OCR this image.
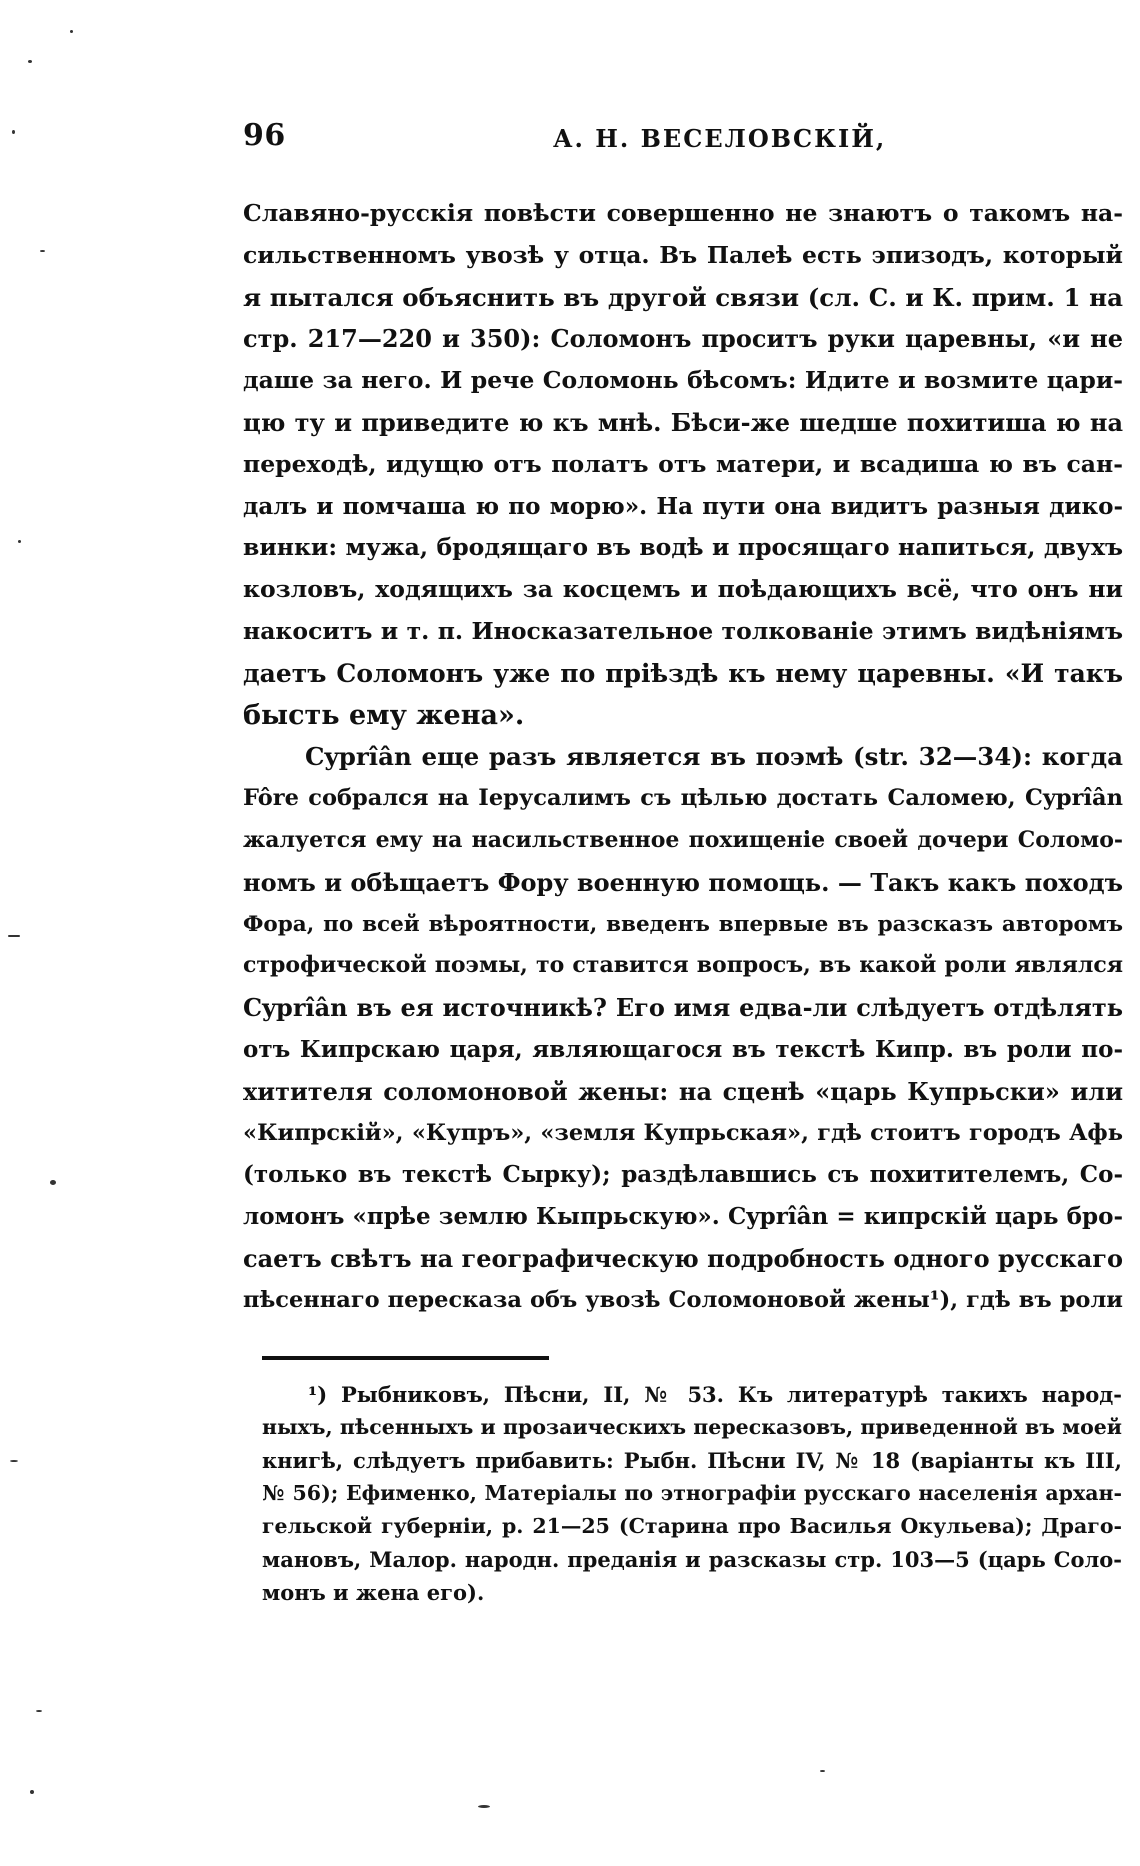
96	А. Н. ВЕСЕЛОВСКІЙ,
Славяно-русскія повѣсти совершенно не знаютъ о такомъ на-
сильственномъ увозѣ у отца. Въ Палеѣ есть эпизодъ, который
я пытался объяснить въ другой связи (сл. С. и К. прим. 1 на
стр. 217—220 и 350): Соломонъ проситъ руки царевны, «и не
даше за него. И рече Соломонь бѣсомъ: Идите и возмите цари-
цю ту и приведите ю къ мнѣ. Бѣси-же шедше похитиша ю на
переходѣ, идущю отъ полатъ отъ матери, и всадиша ю въ сан-
далъ и помчаша ю по морю». На пути она видитъ разныя дико-
винки: мужа, бродящаго въ водѣ и просящаго напиться, двухъ
козловъ, ходящихъ за косцемъ и поѣдающихъ всё, что онъ ни
накоситъ и т. п. Иносказательное толкованіе этимъ видѣніямъ
даетъ Соломонъ уже по пріѣздѣ къ нему царевны. «И такъ
бысть ему жена».
Cyprîân еще разъ является въ поэмѣ (str. 32—34): когда
Fôre собрался на Іерусалимъ съ цѣлью достать Саломею, Cyprîân
жалуется ему на насильственное похищеніе своей дочери Соломо-
номъ и обѣщаетъ Фору военную помощь. — Такъ какъ походъ
Фора, по всей вѣроятности, введенъ впервые въ разсказъ авторомъ
строфической поэмы, то ставится вопросъ, въ какой роли являлся
Cyprîân въ ея источникѣ? Его имя едва-ли слѣдуетъ отдѣлять
отъ Кипрскаю царя, являющагося въ текстѣ Кипр. въ роли по-
хитителя соломоновой жены: на сценѣ «царь Купрьски» или
«Кипрскій», «Купръ», «земля Купрьская», гдѣ стоитъ городъ Афь
(только въ текстѣ Сырку); раздѣлавшись съ похитителемъ, Со-
ломонъ «прѣе землю Кыпрьскую». Cyprîân = кипрскій царь бро-
саетъ свѣтъ на географическую подробность одного русскаго
пѣсеннаго пересказа объ увозѣ Соломоновой жены¹), гдѣ въ роли
¹) Рыбниковъ, Пѣсни, II, № 53. Къ литературѣ такихъ народ-
ныхъ, пѣсенныхъ и прозаическихъ пересказовъ, приведенной въ моей
книгѣ, слѣдуетъ прибавить: Рыбн. Пѣсни IV, № 18 (варіанты къ III,
№ 56); Ефименко, Матеріалы по этнографіи русскаго населенія архан-
гельской губерніи, р. 21—25 (Старина про Василья Окульева); Драго-
мановъ, Малор. народн. преданія и разсказы стр. 103—5 (царь Соло-
монъ и жена его).
